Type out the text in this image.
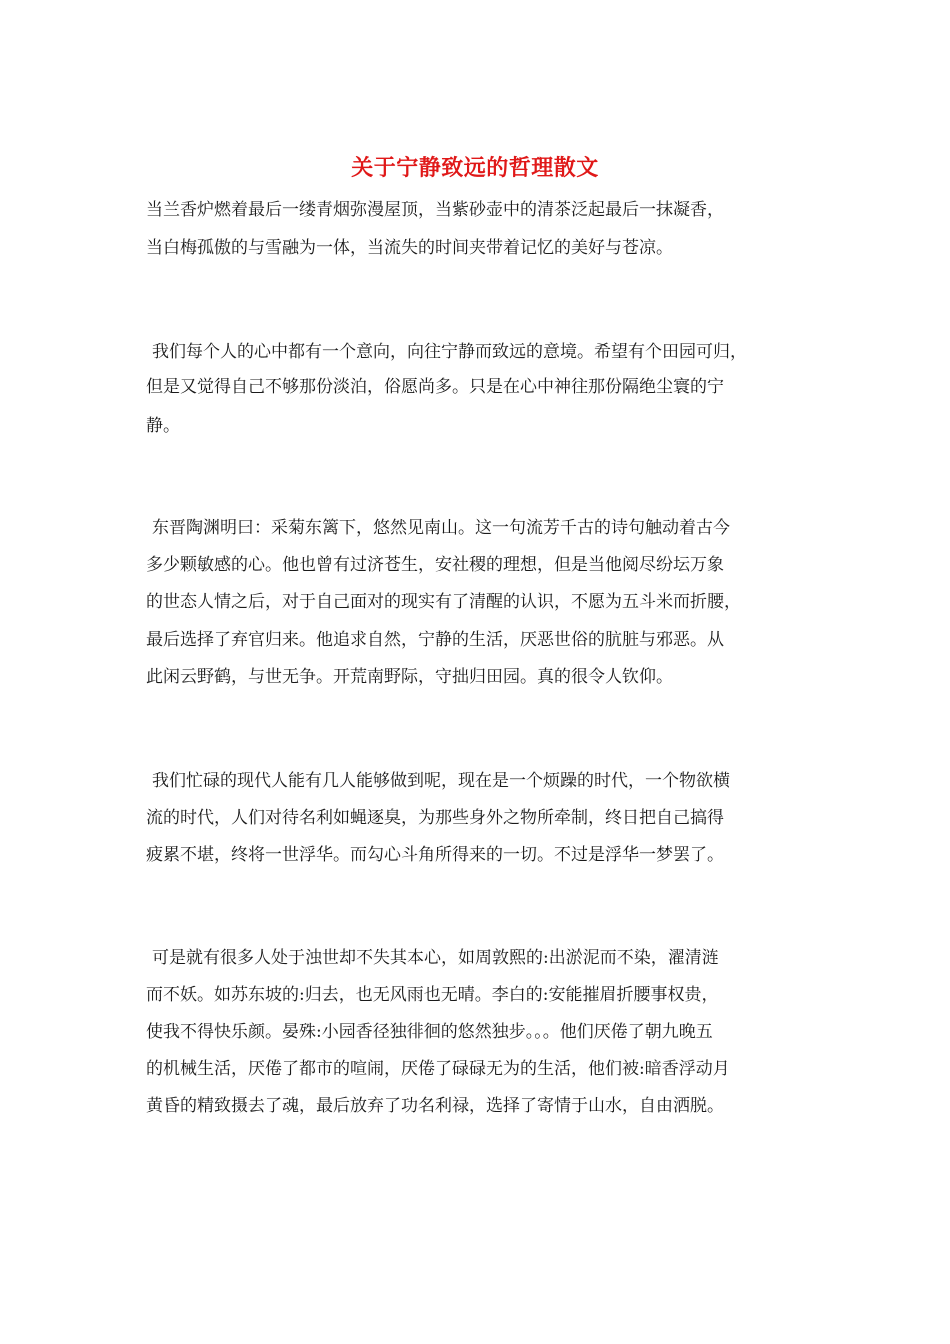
关于宁静致远的哲理散文
当兰香炉燃着最后一缕青烟弥漫屋顶，当紫砂壶中的清茶泛起最后一抹凝香，
当白梅孤傲的与雪融为一体，当流失的时间夹带着记忆的美好与苍凉。
我们每个人的心中都有一个意向，向往宁静而致远的意境。希望有个田园可归，
但是又觉得自己不够那份淡泊，俗愿尚多。只是在心中神往那份隔绝尘寰的宁
静。
东晋陶渊明曰：采菊东篱下，悠然见南山。这一句流芳千古的诗句触动着古今
多少颗敏感的心。他也曾有过济苍生，安社稷的理想，但是当他阅尽纷坛万象
的世态人情之后，对于自己面对的现实有了清醒的认识，不愿为五斗米而折腰，
最后选择了弃官归来。他追求自然，宁静的生活，厌恶世俗的肮脏与邪恶。从
此闲云野鹤，与世无争。开荒南野际，守拙归田园。真的很令人钦仰。
我们忙碌的现代人能有几人能够做到呢，现在是一个烦躁的时代，一个物欲横
流的时代，人们对待名利如蝇逐臭，为那些身外之物所牵制，终日把自己搞得
疲累不堪，终将一世浮华。而勾心斗角所得来的一切。不过是浮华一梦罢了。
可是就有很多人处于浊世却不失其本心，如周敦熙的:出淤泥而不染，濯清涟
而不妖。如苏东坡的:归去，也无风雨也无晴。李白的:安能摧眉折腰事权贵，
使我不得快乐颜。晏殊:小园香径独徘徊的悠然独步。。。他们厌倦了朝九晚五
的机械生活，厌倦了都市的喧闹，厌倦了碌碌无为的生活，他们被:暗香浮动月
黄昏的精致摄去了魂，最后放弃了功名利禄，选择了寄情于山水，自由洒脱。
